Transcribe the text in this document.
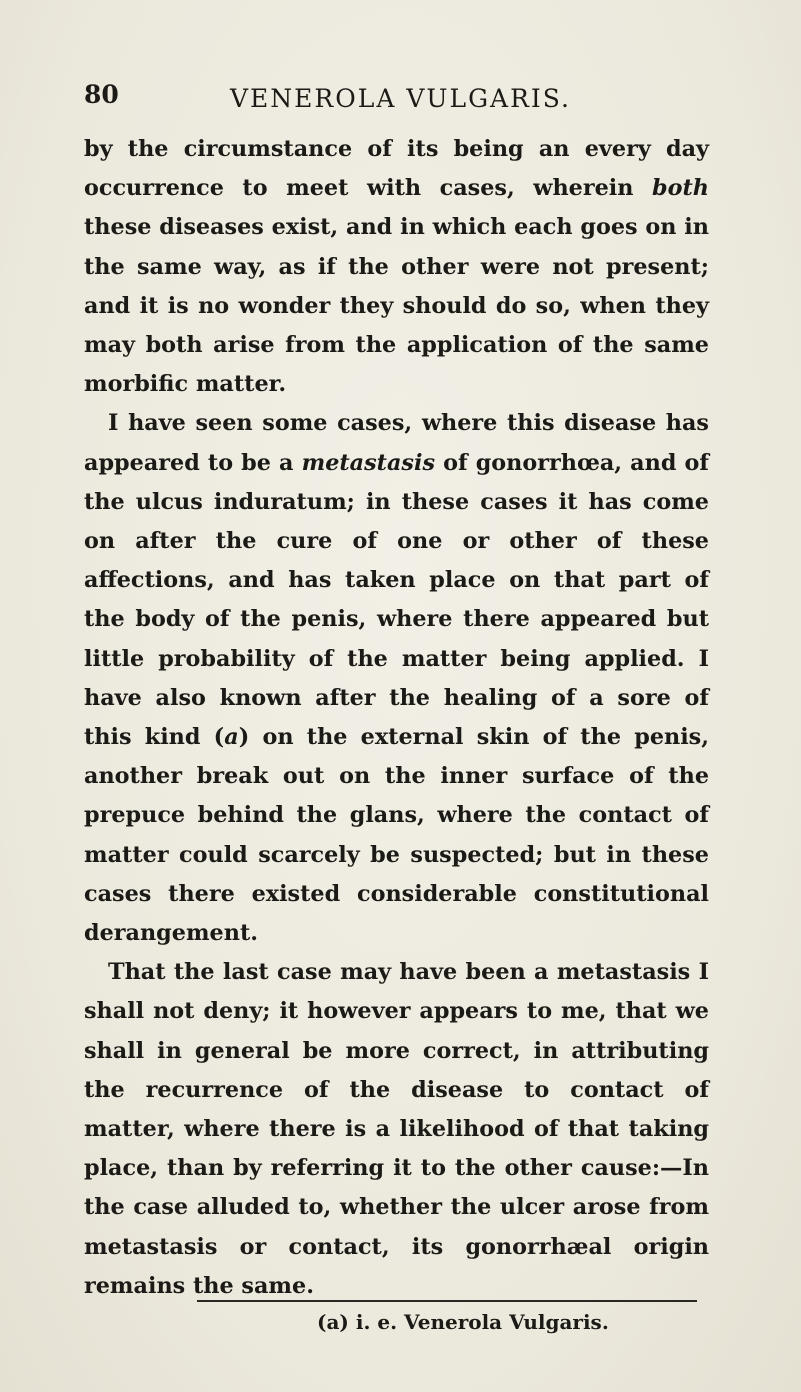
80	VENEROLA VULGARIS.

by the circumstance of its being an every day occurrence to meet with cases, wherein both these diseases exist, and in which each goes on in the same way, as if the other were not present; and it is no wonder they should do so, when they may both arise from the application of the same morbific matter.

I have seen some cases, where this disease has appeared to be a metastasis of gonorrhœa, and of the ulcus induratum; in these cases it has come on after the cure of one or other of these affections, and has taken place on that part of the body of the penis, where there appeared but little probability of the matter being applied. I have also known after the healing of a sore of this kind (a) on the external skin of the penis, another break out on the inner surface of the prepuce behind the glans, where the contact of matter could scarcely be suspected; but in these cases there existed considerable constitutional derangement.

That the last case may have been a metastasis I shall not deny; it however appears to me, that we shall in general be more correct, in attributing the recurrence of the disease to contact of matter, where there is a likelihood of that taking place, than by referring it to the other cause:—In the case alluded to, whether the ulcer arose from metastasis or contact, its gonorrhæal origin remains the same.

(a) i. e. Venerola Vulgaris.
